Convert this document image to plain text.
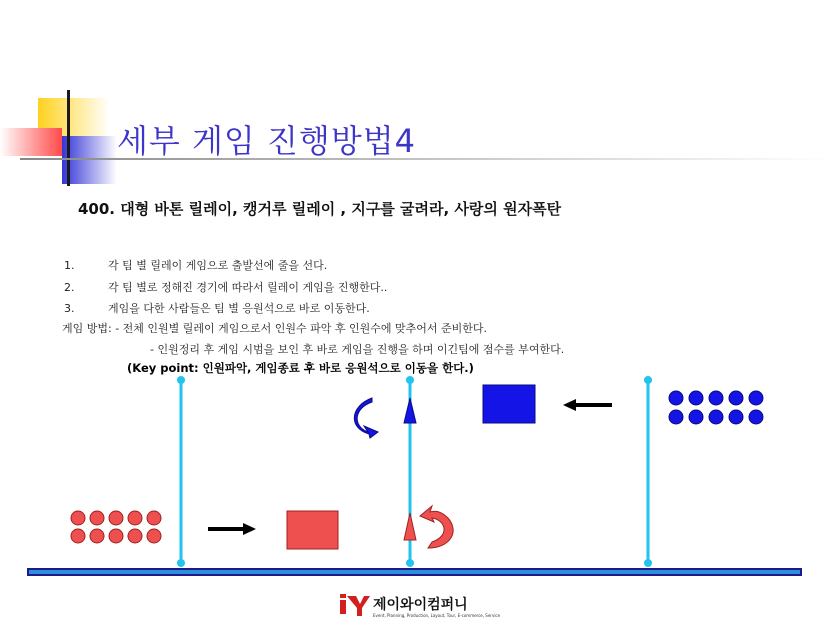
세부 게임 진행방법4
400. 대형 바톤 릴레이, 캥거루 릴레이 , 지구를 굴려라, 사랑의 원자폭탄
1.	각 팀 별 릴레이 게임으로 출발선에 줄을 선다.
2.	각 팀 별로 정해진 경기에 따라서 릴레이 게임을 진행한다..
3.	게임을 다한 사람들은 팀 별 응원석으로 바로 이동한다.
게임 방법: - 전체 인원별 릴레이 게임으로서 인원수 파악 후 인원수에 맞추어서 준비한다.
- 인원정리 후 게임 시범을 보인 후 바로 게임을 진행을 하며 이긴팀에 점수를 부여한다.
(Key point: 인원파악, 게임종료 후 바로 응원석으로 이동을 한다.)
제이와이컴퍼니
Event, Planning, Production, Layout, Tour, E-commerce, Service
